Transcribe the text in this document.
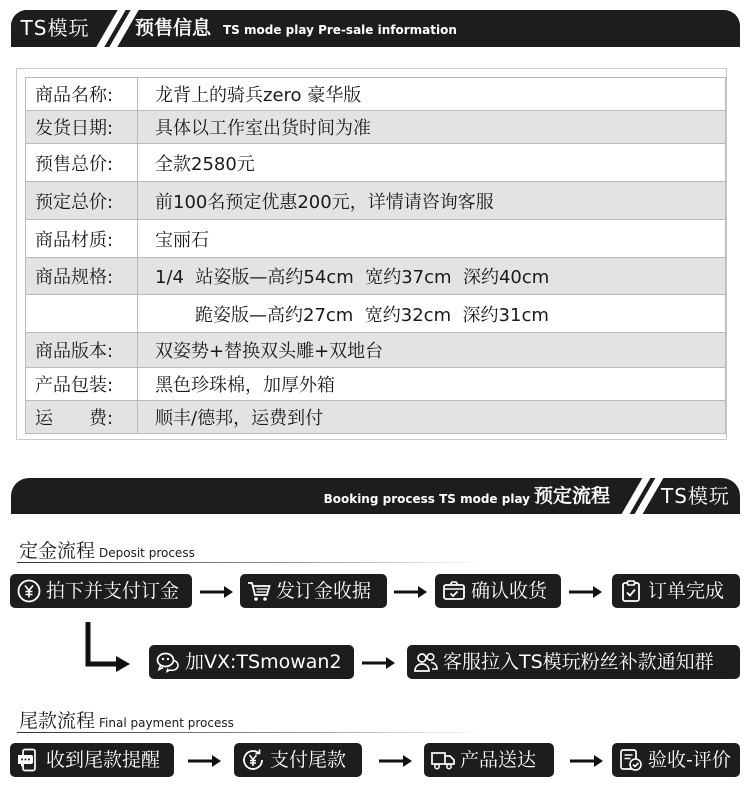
TS模玩	预售信息 TS mode play Pre-sale information
商品名称:	龙背上的骑兵zero 豪华版
发货日期:	具体以工作室出货时间为准
预售总价:	全款2580元
预定总价:	前100名预定优惠200元，详情请咨询客服
商品材质:	宝丽石
商品规格:	1/4  站姿版—高约54cm  宽约37cm  深约40cm
	跪姿版—高约27cm  宽约32cm  深约31cm
商品版本:	双姿势+替换双头雕+双地台
产品包装:	黑色珍珠棉，加厚外箱
运　　费:	顺丰/德邦，运费到付
Booking process TS mode play 预定流程	TS模玩
定金流程 Deposit process
拍下并支付订金	发订金收据	确认收货	订单完成
加VX:TSmowan2	客服拉入TS模玩粉丝补款通知群
尾款流程 Final payment process
收到尾款提醒	支付尾款	产品送达	验收-评价
